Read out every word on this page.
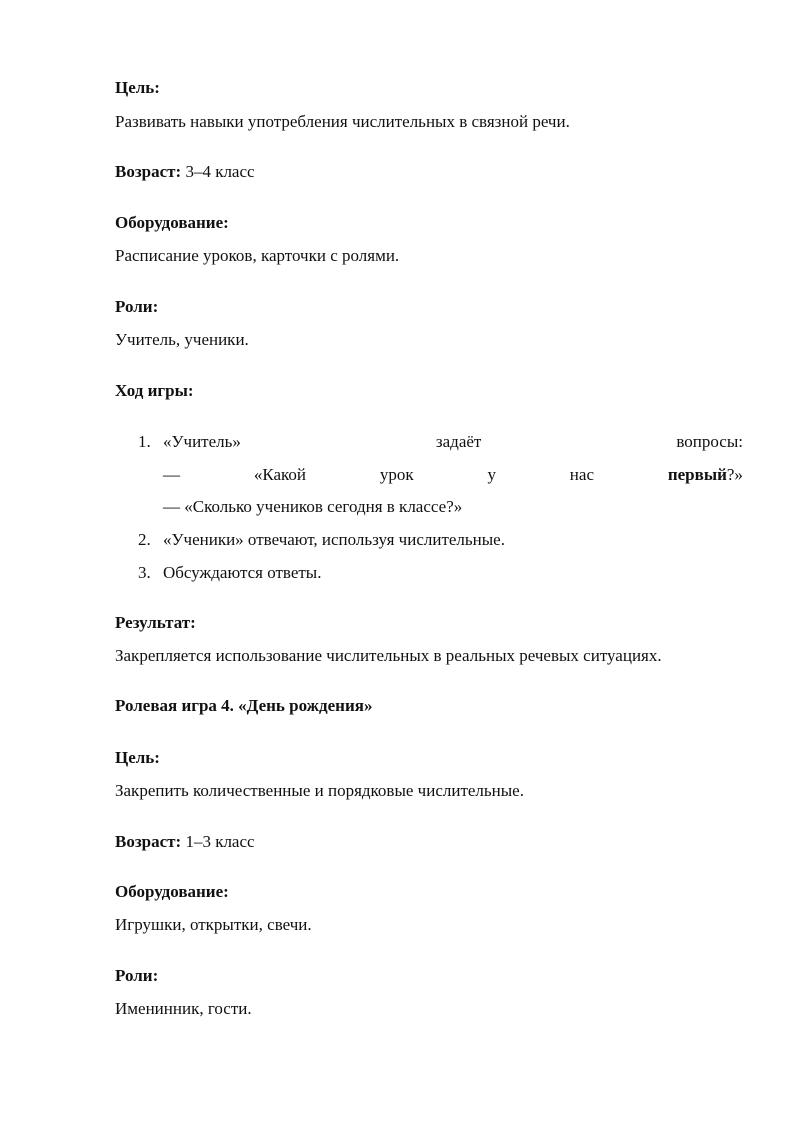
Цель:
Развивать навыки употребления числительных в связной речи.
Возраст: 3–4 класс
Оборудование:
Расписание уроков, карточки с ролями.
Роли:
Учитель, ученики.
Ход игры:
1. «Учитель»	задаёт	вопросы:
—	«Какой	урок	у	нас	первый?»
— «Сколько учеников сегодня в классе?»
2. «Ученики» отвечают, используя числительные.
3. Обсуждаются ответы.
Результат:
Закрепляется использование числительных в реальных речевых ситуациях.
Ролевая игра 4. «День рождения»
Цель:
Закрепить количественные и порядковые числительные.
Возраст: 1–3 класс
Оборудование:
Игрушки, открытки, свечи.
Роли:
Именинник, гости.
